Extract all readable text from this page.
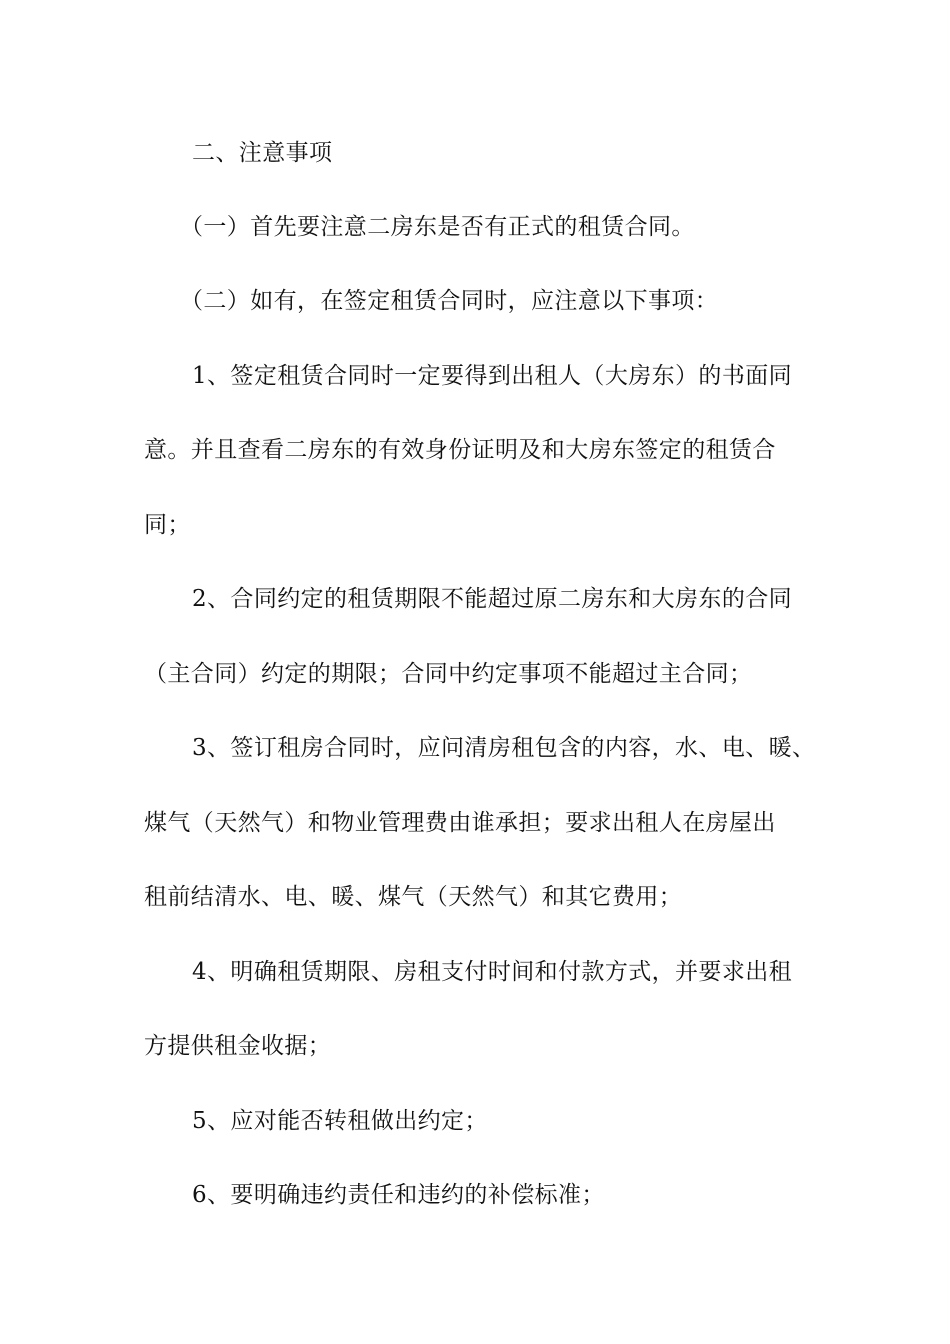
二、注意事项
（一）首先要注意二房东是否有正式的租赁合同。
（二）如有，在签定租赁合同时，应注意以下事项：
1、签定租赁合同时一定要得到出租人（大房东）的书面同
意。并且查看二房东的有效身份证明及和大房东签定的租赁合
同；
2、合同约定的租赁期限不能超过原二房东和大房东的合同
（主合同）约定的期限；合同中约定事项不能超过主合同；
3、签订租房合同时，应问清房租包含的内容，水、电、暖、
煤气（天然气）和物业管理费由谁承担；要求出租人在房屋出
租前结清水、电、暖、煤气（天然气）和其它费用；
4、明确租赁期限、房租支付时间和付款方式，并要求出租
方提供租金收据；
5、应对能否转租做出约定；
6、要明确违约责任和违约的补偿标准；
